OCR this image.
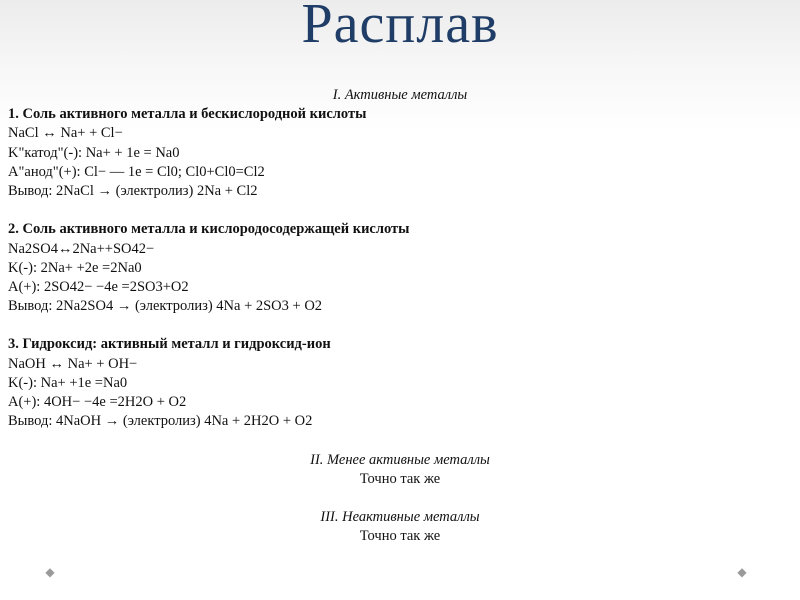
Расплав
I. Активные металлы
1. Соль активного металла и бескислородной кислоты
NaCl ↔ Na+ + Cl−
K"катод"(-): Na+ + 1e = Na0
A"анод"(+): Cl− — 1e = Cl0; Cl0+Cl0=Cl2
Вывод: 2NaCl → (электролиз) 2Na + Cl2
2. Соль активного металла и кислородосодержащей кислоты
Na2SO4↔2Na++SO42−
K(-): 2Na+ +2e =2Na0
A(+): 2SO42− −4e =2SO3+O2
Вывод: 2Na2SO4 → (электролиз) 4Na + 2SO3 + O2
3. Гидроксид: активный металл и гидроксид-ион
NaOH ↔ Na+ + OH−
K(-): Na+ +1e =Na0
A(+): 4OH− −4e =2H2O + O2
Вывод: 4NaOH → (электролиз) 4Na + 2H2O + O2
II. Менее активные металлы
Точно так же
III. Неактивные металлы
Точно так же
◆	◆
